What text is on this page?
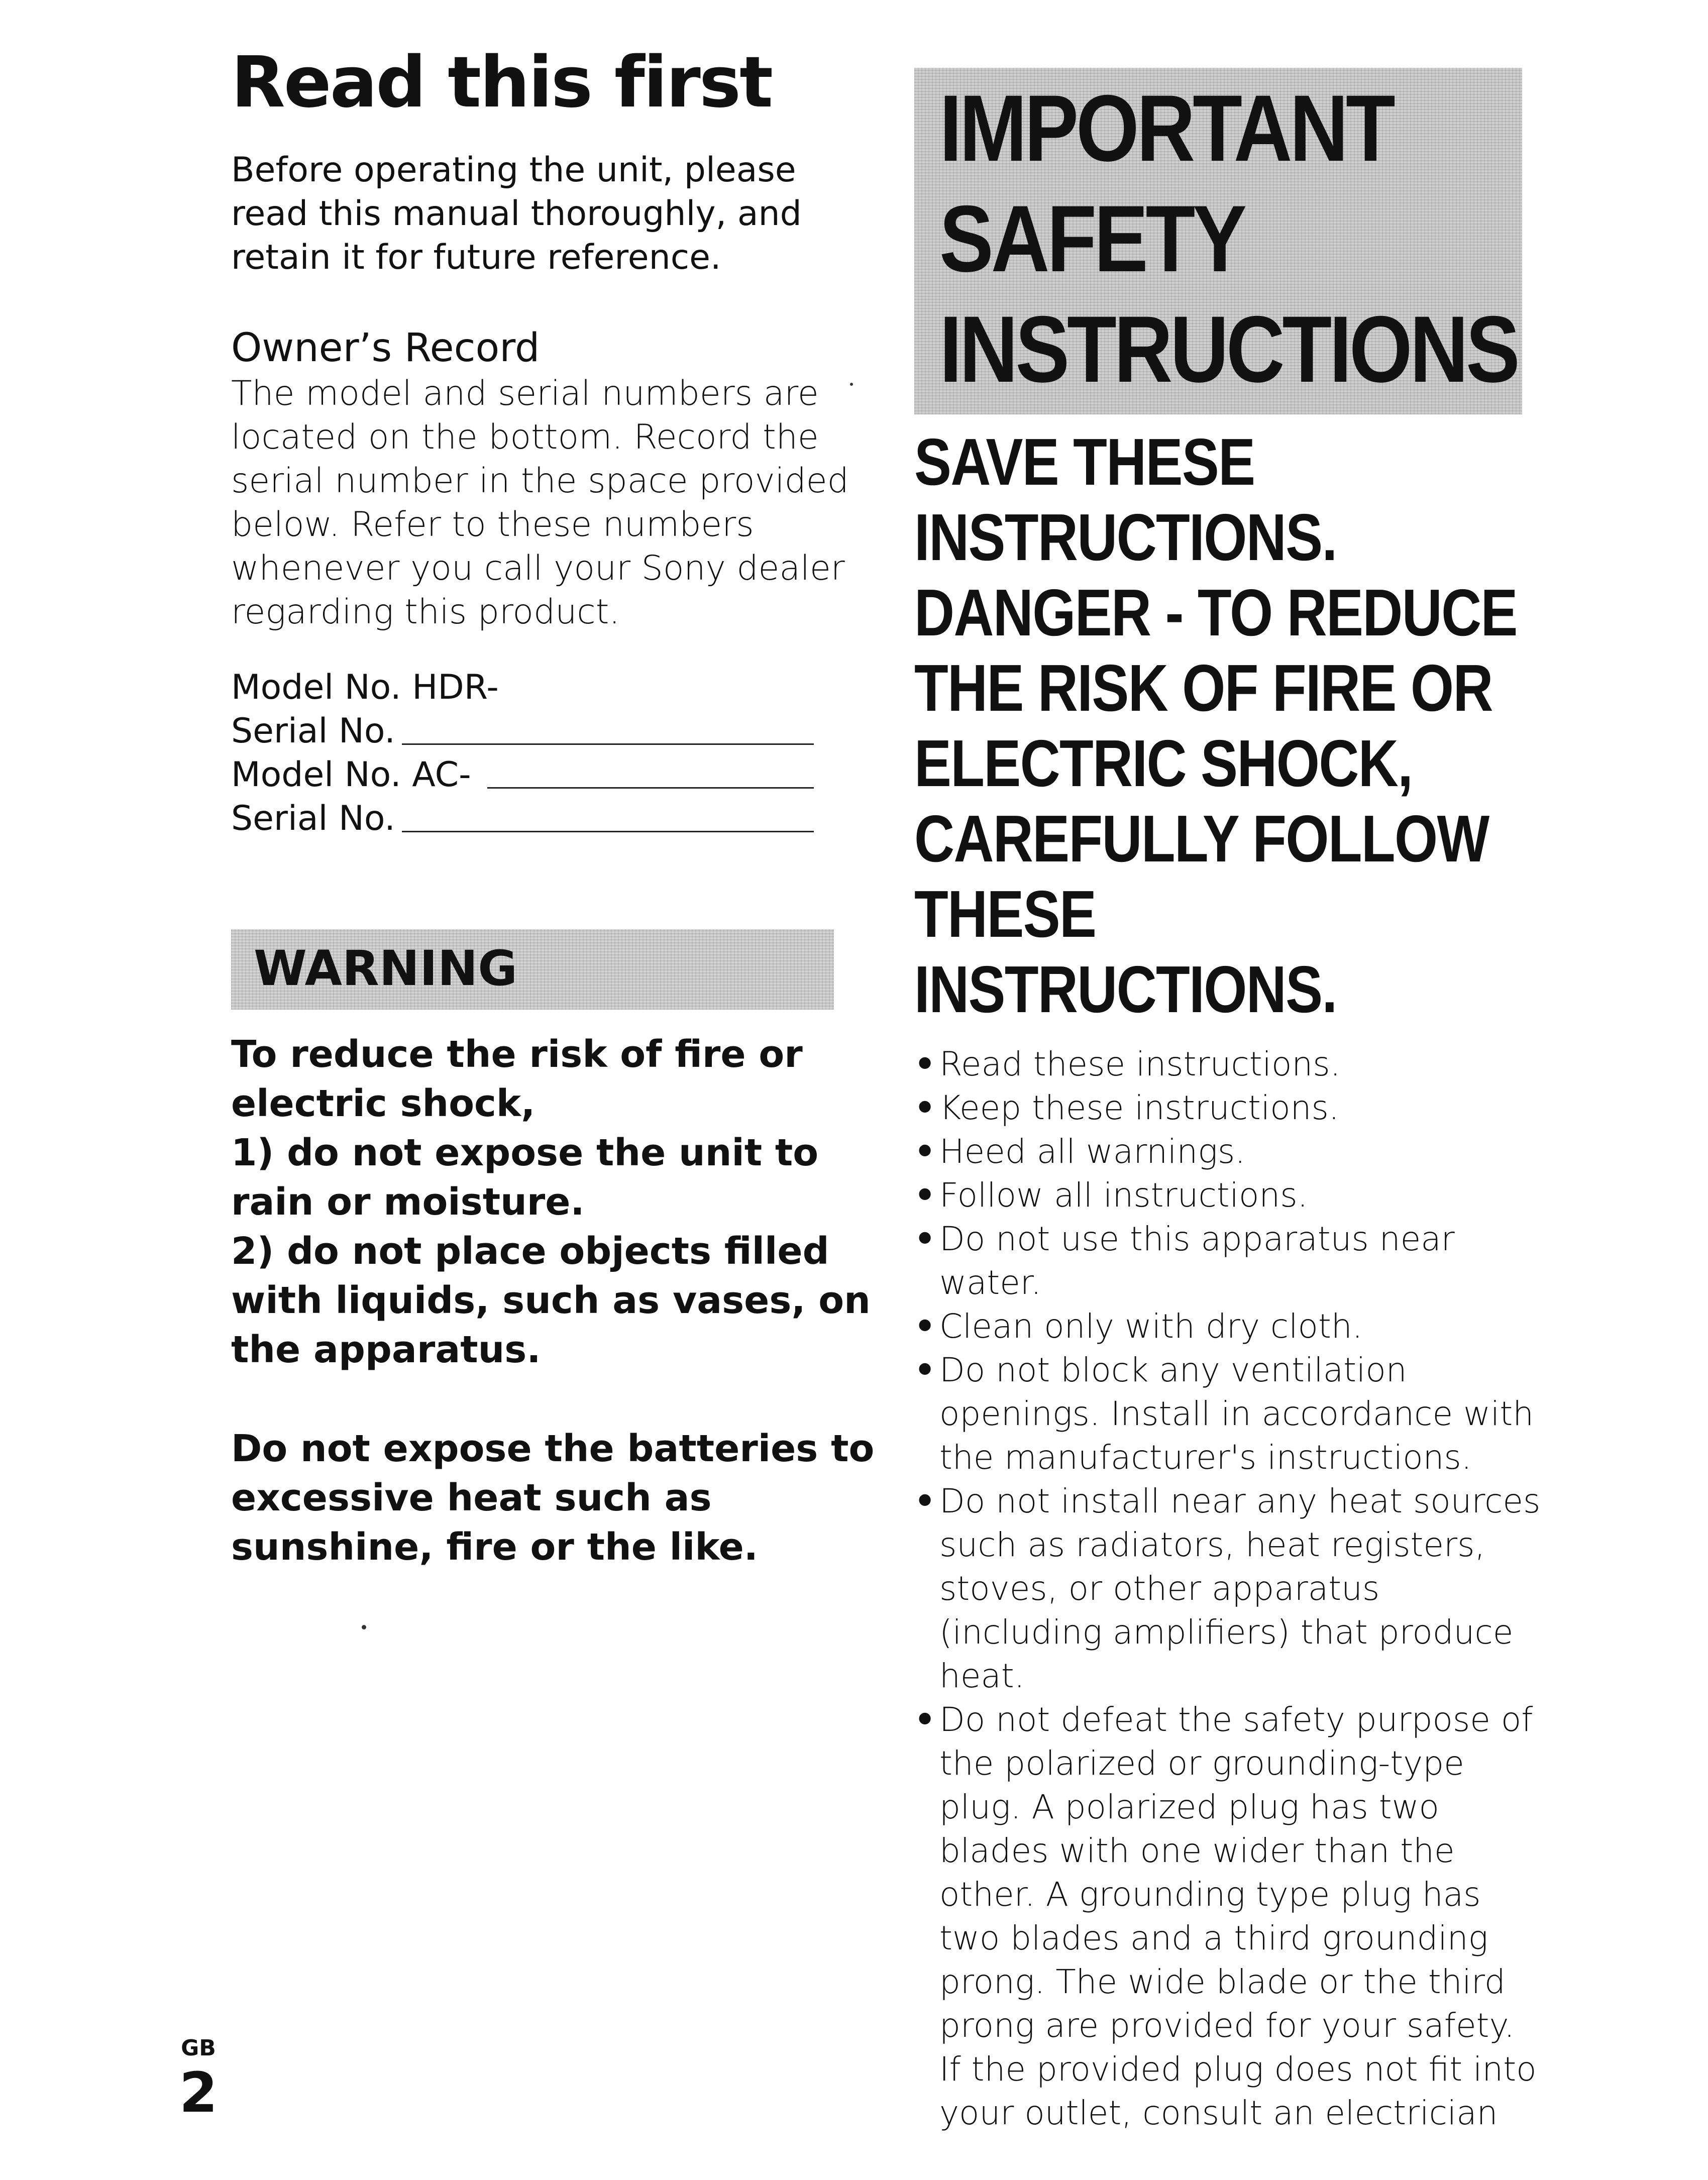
Read this first
Before operating the unit, please
read this manual thoroughly, and
retain it for future reference.
Owner’s Record
The model and serial numbers are
located on the bottom. Record the
serial number in the space provided
below. Refer to these numbers
whenever you call your Sony dealer
regarding this product.
Model No. HDR-
Serial No.
Model No. AC-
Serial No.
WARNING
To reduce the risk of fire or
electric shock,
1) do not expose the unit to
rain or moisture.
2) do not place objects filled
with liquids, such as vases, on
the apparatus.
Do not expose the batteries to
excessive heat such as
sunshine, fire or the like.
GB
2
IMPORTANT
SAFETY
INSTRUCTIONS
SAVE THESE
INSTRUCTIONS.
DANGER - TO REDUCE
THE RISK OF FIRE OR
ELECTRIC SHOCK,
CAREFULLY FOLLOW
THESE
INSTRUCTIONS.
• Read these instructions.
• Keep these instructions.
• Heed all warnings.
• Follow all instructions.
• Do not use this apparatus near
water.
• Clean only with dry cloth.
• Do not block any ventilation
openings. Install in accordance with
the manufacturer's instructions.
• Do not install near any heat sources
such as radiators, heat registers,
stoves, or other apparatus
(including amplifiers) that produce
heat.
• Do not defeat the safety purpose of
the polarized or grounding-type
plug. A polarized plug has two
blades with one wider than the
other. A grounding type plug has
two blades and a third grounding
prong. The wide blade or the third
prong are provided for your safety.
If the provided plug does not fit into
your outlet, consult an electrician
